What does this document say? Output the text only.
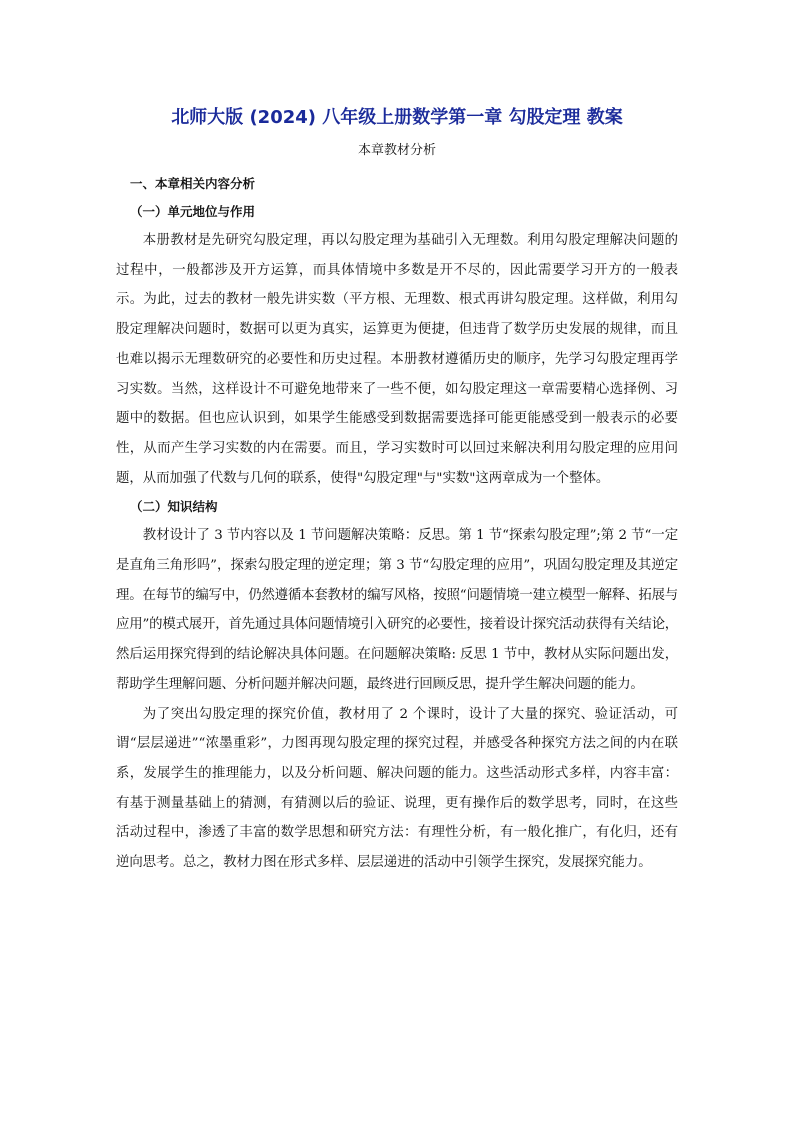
北师大版 (2024) 八年级上册数学第一章 勾股定理 教案
本章教材分析
一、本章相关内容分析
（一）单元地位与作用

本册教材是先研究勾股定理，再以勾股定理为基础引入无理数。利用勾股定理解决问题的过程中，一般都涉及开方运算，而具体情境中多数是开不尽的，因此需要学习开方的一般表示。为此，过去的教材一般先讲实数（平方根、无理数、根式再讲勾股定理。这样做，利用勾股定理解决问题时，数据可以更为真实，运算更为便捷，但违背了数学历史发展的规律，而且也难以揭示无理数研究的必要性和历史过程。本册教材遵循历史的顺序，先学习勾股定理再学习实数。当然，这样设计不可避免地带来了一些不便，如勾股定理这一章需要精心选择例、习题中的数据。但也应认识到，如果学生能感受到数据需要选择可能更能感受到一般表示的必要性，从而产生学习实数的内在需要。而且，学习实数时可以回过来解决利用勾股定理的应用问题，从而加强了代数与几何的联系，使得"勾股定理"与"实数"这两章成为一个整体。

（二）知识结构

教材设计了 3 节内容以及 1 节问题解决策略：反思。第 1 节“探索勾股定理”;第 2 节“一定是直角三角形吗”，探索勾股定理的逆定理；第 3 节“勾股定理的应用”，巩固勾股定理及其逆定理。在每节的编写中，仍然遵循本套教材的编写风格，按照“问题情境一建立模型一解释、拓展与应用”的模式展开，首先通过具体问题情境引入研究的必要性，接着设计探究活动获得有关结论，然后运用探究得到的结论解决具体问题。在问题解决策略: 反思 1 节中，教材从实际问题出发，帮助学生理解问题、分析问题并解决问题，最终进行回顾反思，提升学生解决问题的能力。

为了突出勾股定理的探究价值，教材用了 2 个课时，设计了大量的探究、验证活动，可谓“层层递进”“浓墨重彩”，力图再现勾股定理的探究过程，并感受各种探究方法之间的内在联系，发展学生的推理能力，以及分析问题、解决问题的能力。这些活动形式多样，内容丰富：有基于测量基础上的猜测，有猜测以后的验证、说理，更有操作后的数学思考，同时，在这些活动过程中，渗透了丰富的数学思想和研究方法：有理性分析，有一般化推广，有化归，还有逆向思考。总之，教材力图在形式多样、层层递进的活动中引领学生探究，发展探究能力。
